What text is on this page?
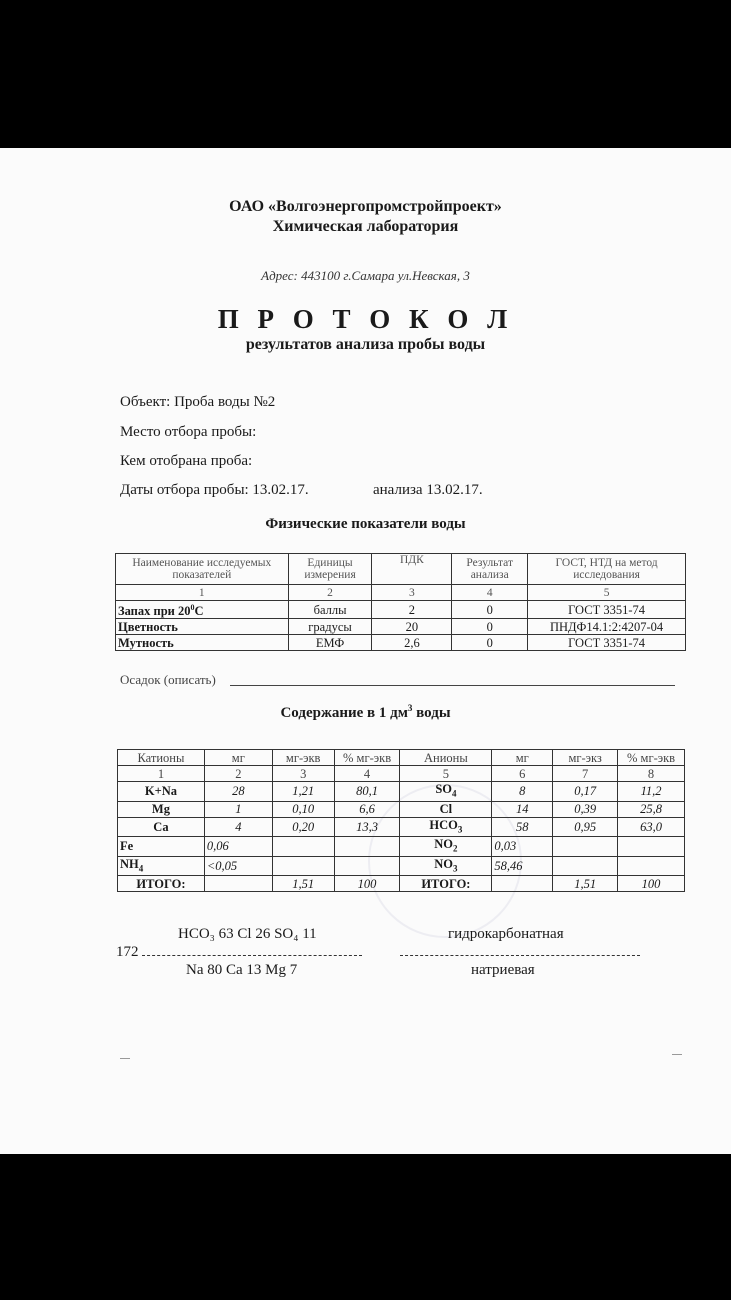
ОАО «Волгоэнергопромстройпроект»
Химическая лаборатория
Адрес: 443100 г.Самара ул.Невская, 3
П Р О Т О К О Л
результатов анализа пробы воды
Объект: Проба воды №2
Место отбора пробы:
Кем отобрана проба:
Даты отбора пробы: 13.02.17.	анализа 13.02.17.
Физические показатели воды
Наименование исследуемых показателей	Единицы измерения	ПДК	Результат анализа	ГОСТ, НТД на метод исследования
1	2	3	4	5
Запах при $20^0С$	баллы	2	0	ГОСТ 3351-74
Цветность	градусы	20	0	ПНДФ14.1:2:4207-04
Мутность	ЕМФ	2,6	0	ГОСТ 3351-74
Осадок (описать)
Содержание в 1 $дм^3$ воды
Катионы	мг	мг-экв	% мг-экв	Анионы	мг	мг-экз	% мг-экв
1	2	3	4	5	6	7	8
K+Na	28	1,21	80,1	$SO_4$	8	0,17	11,2
Mg	1	0,10	6,6	Cl	14	0,39	25,8
Ca	4	0,20	13,3	$HCO_3$	58	0,95	63,0
Fe	0,06			$NO_2$	0,03		
$NH_4$	<0,05			$NO_3$	58,46		
ИТОГО:		1,51	100	ИТОГО:		1,51	100
HCO₃ 63 Cl 26 SO₄ 11
172
Na 80 Ca 13 Mg 7
гидрокарбонатная
натриевая
